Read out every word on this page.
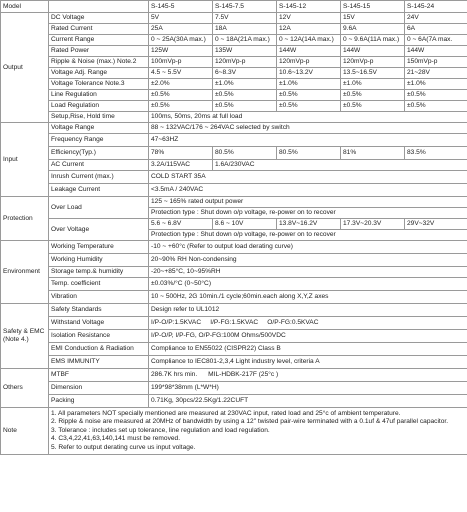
Model		S-145-5	S-145-7.5	S-145-12	S-145-15	S-145-24
Output	DC Voltage	5V	7.5V	12V	15V	24V
	Rated Current	25A	18A	12A	9.6A	6A
	Current Range	0 ~ 25A(30A max.)	0 ~ 18A(21A max.)	0 ~ 12A(14A max.)	0 ~ 9.6A(11A max.)	0 ~ 6A(7A max.
	Rated Power	125W	135W	144W	144W	144W
	Ripple & Noise (max.) Note.2	100mVp-p	120mVp-p	120mVp-p	120mVp-p	150mVp-p
	Voltage Adj. Range	4.5 ~ 5.5V	6~8.3V	10.6~13.2V	13.5~16.5V	21~28V
	Voltage Tolerance Note.3	±2.0%	±1.0%	±1.0%	±1.0%	±1.0%
	Line Regulation	±0.5%	±0.5%	±0.5%	±0.5%	±0.5%
	Load Regulation	±0.5%	±0.5%	±0.5%	±0.5%	±0.5%
	Setup,Rise, Hold time	100ms, 50ms, 20ms at full load				
Input	Voltage Range	88 ~ 132VAC/176 ~ 264VAC selected by switch				
	Frequency Range	47~63HZ				
	Efficiency(Typ.)	78%	80.5%	80.5%	81%	83.5%
	AC Current	3.2A/115VAC	1.6A/230VAC			
	Inrush Current (max.)	COLD START 35A				
	Leakage Current	<3.5mA / 240VAC				
Protection	Over Load	125 ~ 165% rated output power				
		Protection type : Shut down o/p voltage, re-power on to recover				
	Over Voltage	5.6 ~ 6.8V	8.6 ~ 10V	13.8V~16.2V	17.3V~20.3V	29V~32V
		Protection type : Shut down o/p voltage, re-power on to recover				
Environment	Working Temperature	-10 ~ +60°c (Refer to output load derating curve)				
	Working Humidity	20~90% RH Non-condensing				
	Storage temp.& humidity	-20~+85°C, 10~95%RH				
	Temp. coefficient	±0.03%/°C (0~50°C)				
	Vibration	10 ~ 500Hz, 2G 10min./1 cycle;60min.each along X,Y,Z axes				

Safety & EMC
(Note 4.)	Safety Standards	Design refer to UL1012				
	Withstand Voltage	I/P-O/P:1.5KVAC     I/P-FG:1.5KVAC     O/P-FG:0.5KVAC				
	Isolation Resistance	I/P-O/P, I/P-FG, O/P-FG:100M Ohms/500VDC				
	EMI Conduction & Radiation	Compliance to EN55022 (CISPR22) Class B				
	EMS IMMUNITY	Compliance to IEC801-2,3,4 Light industry level, criteria A				
Others	MTBF	286.7K hrs min.      MIL-HDBK-217F (25°c )				
	Dimension	199*98*38mm (L*W*H)				
	Packing	0.71Kg, 30pcs/22.5Kg/1.22CUFT				
Note	1. All parameters NOT specially mentioned are measured at 230VAC input, rated load and 25°c of ambient temperature.
2. Ripple & noise are measured at 20MHz of bandwidth by using a 12" twisted pair-wire terminated with a 0.1uf & 47uf parallel capacitor.
3. Tolerance : includes set up tolerance, line regulation and load regulation.
4. C3,4,22,41,63,140,141 must be removed.
5. Refer to output derating curve us input voltage.					
